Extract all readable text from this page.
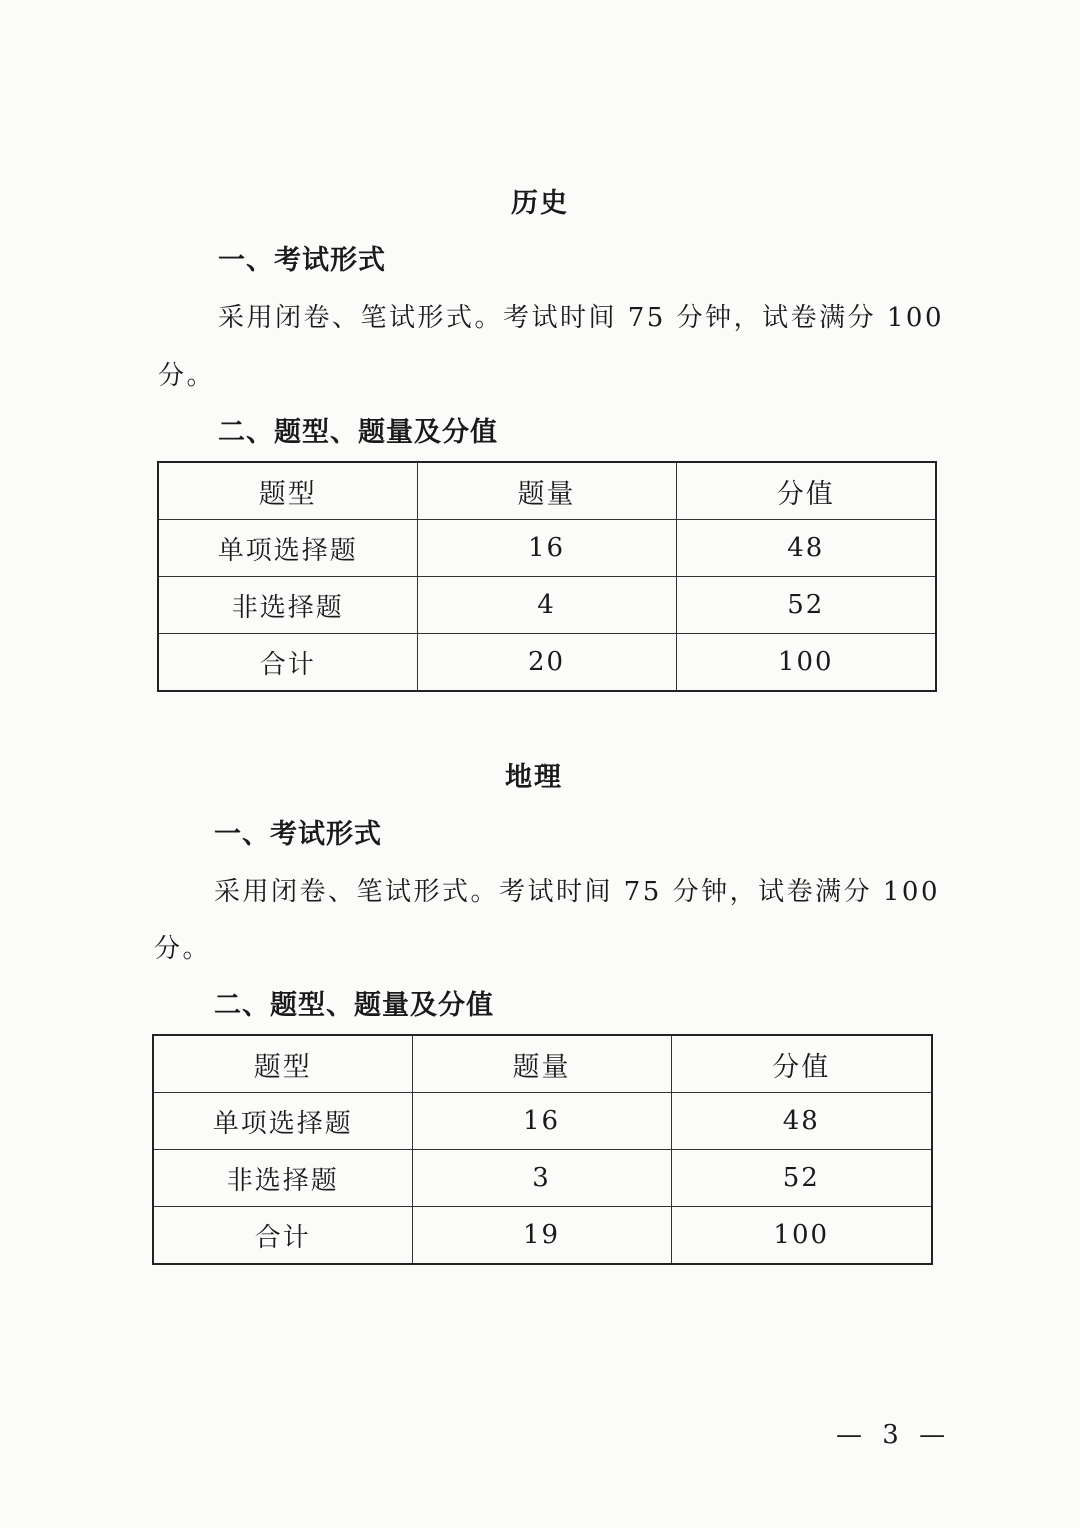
历史
一、考试形式
采用闭卷、笔试形式。考试时间 75 分钟，试卷满分 100
分。
二、题型、题量及分值
题型	题量	分值
单项选择题	16	48
非选择题	4	52
合计	20	100
地理
一、考试形式
采用闭卷、笔试形式。考试时间 75 分钟，试卷满分 100
分。
二、题型、题量及分值
题型	题量	分值
单项选择题	16	48
非选择题	3	52
合计	19	100
— 3 —
